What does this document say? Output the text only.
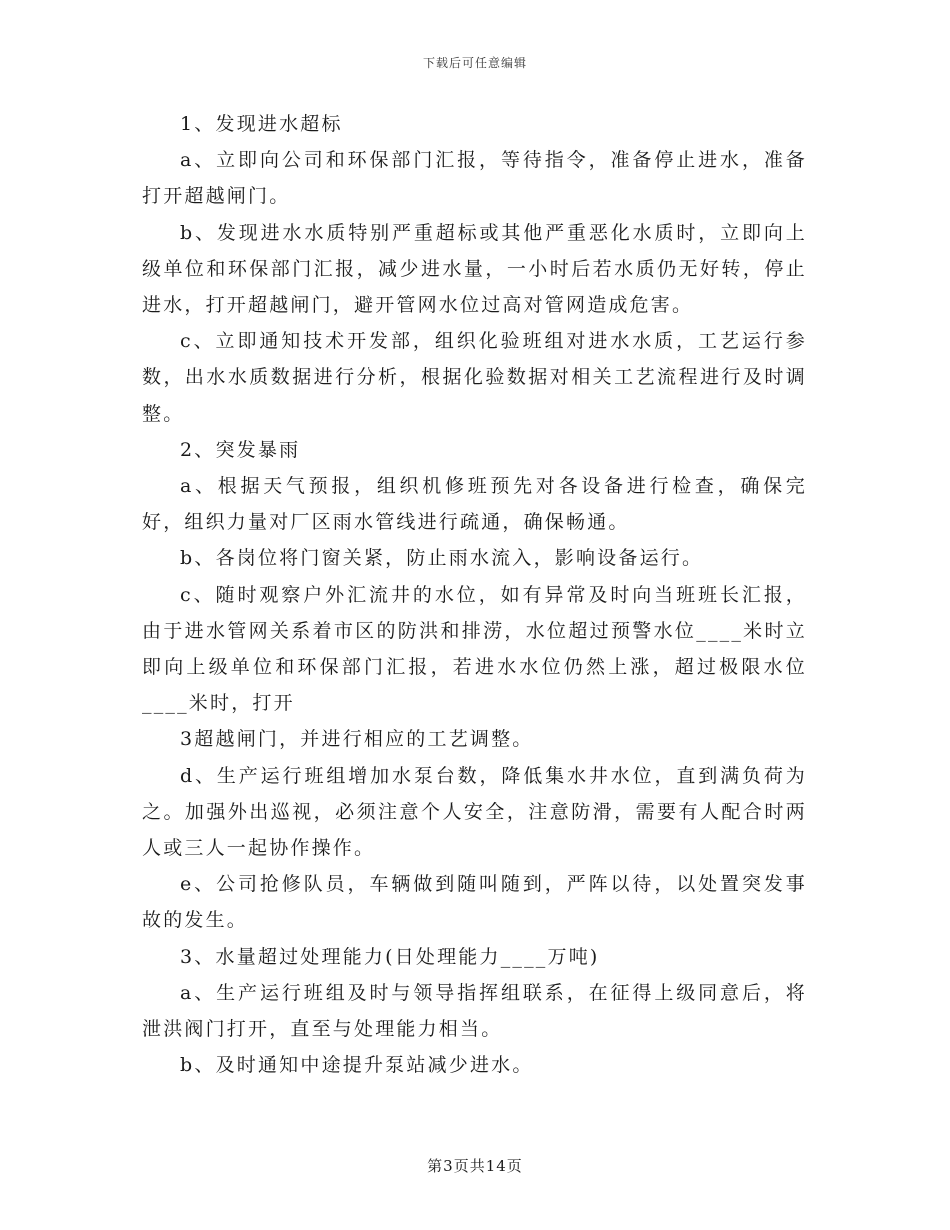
下载后可任意编辑

1、发现进水超标

a、立即向公司和环保部门汇报，等待指令，准备停止进水，准备打开超越闸门。

b、发现进水水质特别严重超标或其他严重恶化水质时，立即向上级单位和环保部门汇报，减少进水量，一小时后若水质仍无好转，停止进水，打开超越闸门，避开管网水位过高对管网造成危害。

c、立即通知技术开发部，组织化验班组对进水水质，工艺运行参数，出水水质数据进行分析，根据化验数据对相关工艺流程进行及时调整。

2、突发暴雨

a、根据天气预报，组织机修班预先对各设备进行检查，确保完好，组织力量对厂区雨水管线进行疏通，确保畅通。

b、各岗位将门窗关紧，防止雨水流入，影响设备运行。

c、随时观察户外汇流井的水位，如有异常及时向当班班长汇报，由于进水管网关系着市区的防洪和排涝，水位超过预警水位____米时立即向上级单位和环保部门汇报，若进水水位仍然上涨，超过极限水位____米时，打开

3超越闸门，并进行相应的工艺调整。

d、生产运行班组增加水泵台数，降低集水井水位，直到满负荷为之。加强外出巡视，必须注意个人安全，注意防滑，需要有人配合时两人或三人一起协作操作。

e、公司抢修队员，车辆做到随叫随到，严阵以待，以处置突发事故的发生。

3、水量超过处理能力(日处理能力____万吨)

a、生产运行班组及时与领导指挥组联系，在征得上级同意后，将泄洪阀门打开，直至与处理能力相当。

b、及时通知中途提升泵站减少进水。

第3页共14页
